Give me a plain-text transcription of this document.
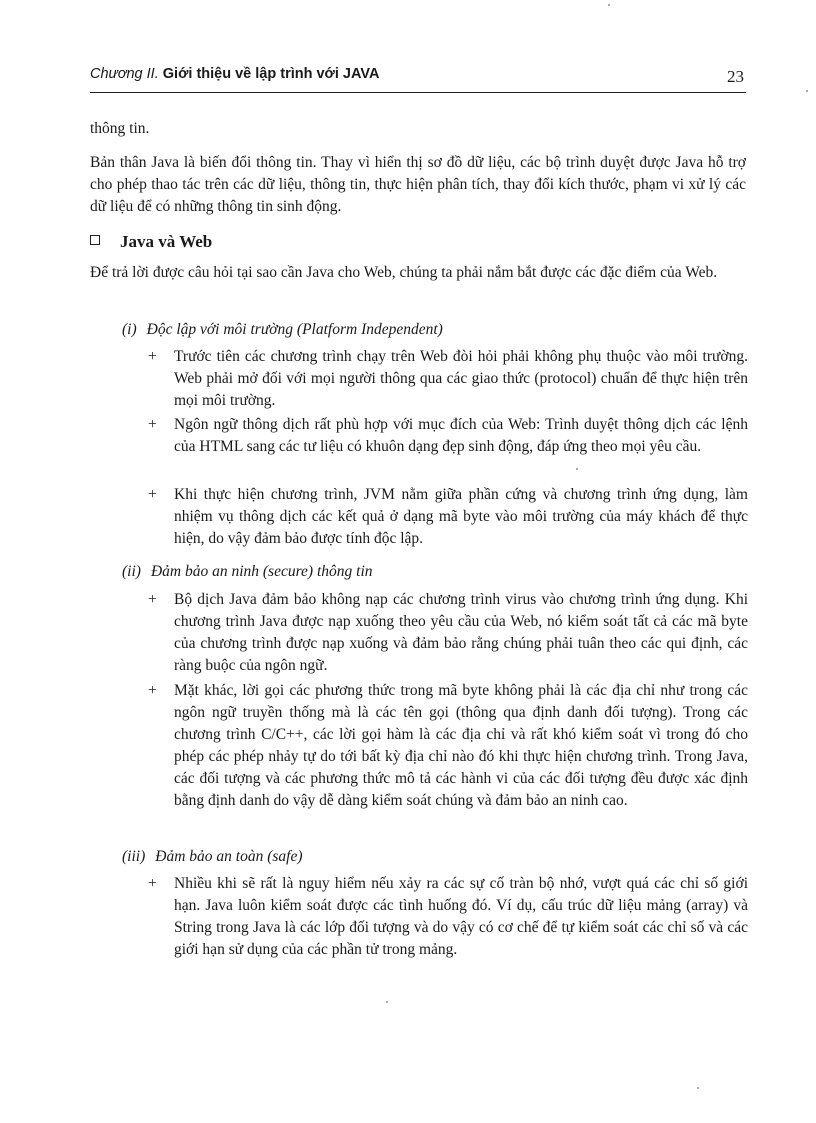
Chương II. Giới thiệu về lập trình với JAVA	23
thông tin.
Bản thân Java là biến đổi thông tin. Thay vì hiển thị sơ đồ dữ liệu, các bộ trình duyệt được Java hỗ trợ cho phép thao tác trên các dữ liệu, thông tin, thực hiện phân tích, thay đổi kích thước, phạm vi xử lý các dữ liệu để có những thông tin sinh động.
Java và Web
Để trả lời được câu hỏi tại sao cần Java cho Web, chúng ta phải nắm bắt được các đặc điểm của Web.
(i) Độc lập với môi trường (Platform Independent)
+	Trước tiên các chương trình chạy trên Web đòi hỏi phải không phụ thuộc vào môi trường. Web phải mở đối với mọi người thông qua các giao thức (protocol) chuẩn để thực hiện trên mọi môi trường.
+	Ngôn ngữ thông dịch rất phù hợp với mục đích của Web: Trình duyệt thông dịch các lệnh của HTML sang các tư liệu có khuôn dạng đẹp sinh động, đáp ứng theo mọi yêu cầu.
+	Khi thực hiện chương trình, JVM nằm giữa phần cứng và chương trình ứng dụng, làm nhiệm vụ thông dịch các kết quả ở dạng mã byte vào môi trường của máy khách để thực hiện, do vậy đảm bảo được tính độc lập.
(ii) Đảm bảo an ninh (secure) thông tin
+	Bộ dịch Java đảm bảo không nạp các chương trình virus vào chương trình ứng dụng. Khi chương trình Java được nạp xuống theo yêu cầu của Web, nó kiểm soát tất cả các mã byte của chương trình được nạp xuống và đảm bảo rằng chúng phải tuân theo các qui định, các ràng buộc của ngôn ngữ.
+	Mặt khác, lời gọi các phương thức trong mã byte không phải là các địa chỉ như trong các ngôn ngữ truyền thống mà là các tên gọi (thông qua định danh đối tượng). Trong các chương trình C/C++, các lời gọi hàm là các địa chỉ và rất khó kiểm soát vì trong đó cho phép các phép nhảy tự do tới bất kỳ địa chỉ nào đó khi thực hiện chương trình. Trong Java, các đối tượng và các phương thức mô tả các hành vi của các đối tượng đều được xác định bằng định danh do vậy dễ dàng kiểm soát chúng và đảm bảo an ninh cao.
(iii) Đảm bảo an toàn (safe)
+	Nhiều khi sẽ rất là nguy hiểm nếu xảy ra các sự cố tràn bộ nhớ, vượt quá các chỉ số giới hạn. Java luôn kiểm soát được các tình huống đó. Ví dụ, cấu trúc dữ liệu mảng (array) và String trong Java là các lớp đối tượng và do vậy có cơ chế để tự kiểm soát các chỉ số và các giới hạn sử dụng của các phần tử trong mảng.
